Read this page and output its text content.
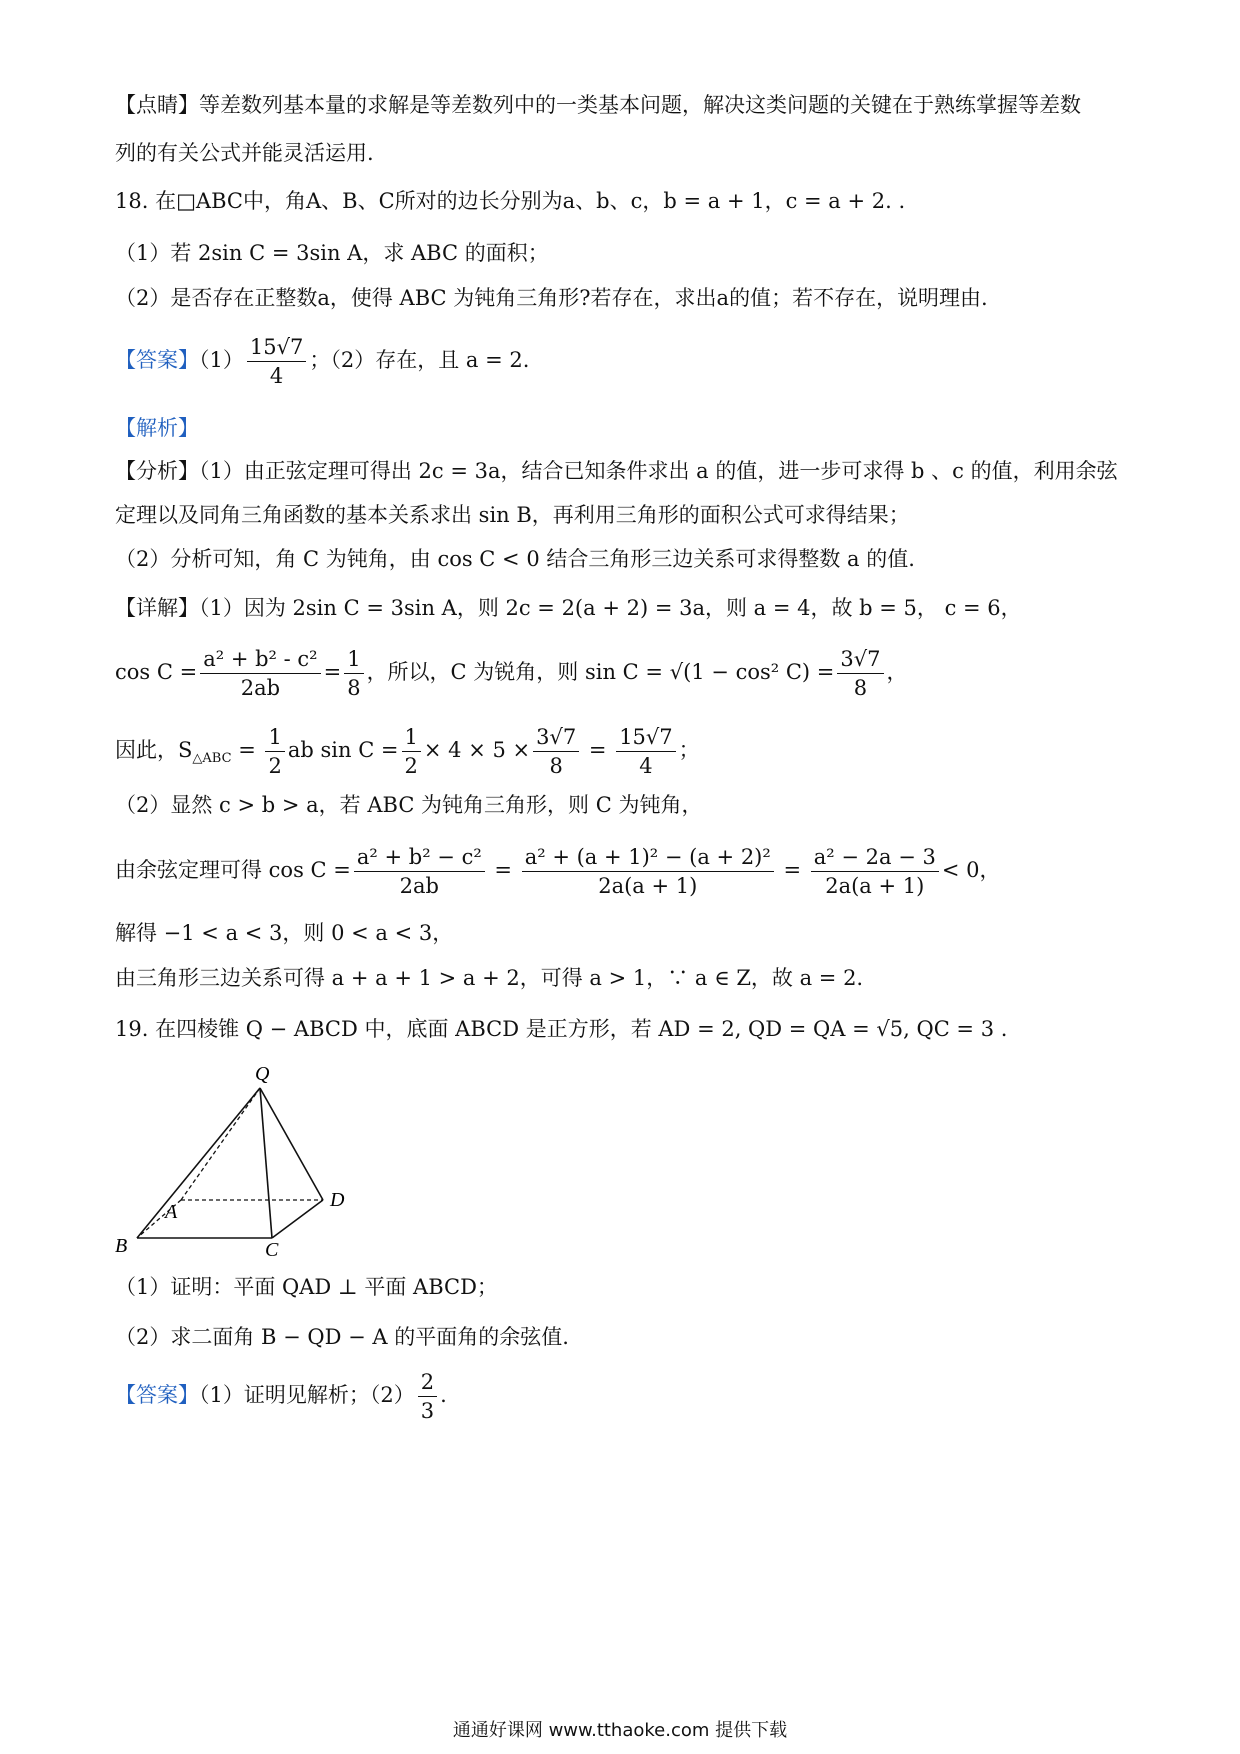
【点睛】等差数列基本量的求解是等差数列中的一类基本问题，解决这类问题的关键在于熟练掌握等差数
列的有关公式并能灵活运用.
18. 在□ABC中，角A、B、C所对的边长分别为a、b、c，b = a + 1，c = a + 2. .
（1）若 2sin C = 3sin A，求 ABC 的面积；
（2）是否存在正整数a，使得 ABC 为钝角三角形?若存在，求出a的值；若不存在，说明理由.
【答案】$(1) \frac{15√7}{4}$ ；（2）存在，且 a = 2.
【解析】
【分析】（1）由正弦定理可得出 2c = 3a，结合已知条件求出 a 的值，进一步可求得 b 、c 的值，利用余弦
定理以及同角三角函数的基本关系求出 sin B，再利用三角形的面积公式可求得结果；
（2）分析可知，角 C 为钝角，由 cos C < 0 结合三角形三边关系可求得整数 a 的值.
【详解】（1）因为 2sin C = 3sin A，则 2c = 2(a + 2) = 3a，则 a = 4，故 b = 5， c = 6，
$\cos C = \frac{\text{a² + b² - c²}}{2ab} = \frac{1}{8}$ ，所以，C 为锐角，则 sin C = √(1 − cos² $C) = \frac{3√7}{8}$ ，
因此，$S_{\triangle ABC} = \frac{1}{2}$ ab $\sin C = \frac{1}{2} \times 4 \times 5 \times \frac{3√7}{8} = \frac{15√7}{4}$ ；
（2）显然 c > b > a，若 ABC 为钝角三角形，则 C 为钝角，
由余弦定理可得 $\cos C = \frac{\text{a² + b² − c²}}{2ab} = \frac{\text{a² + (a + 1)² − (a + 2)²}}{2a(a + 1)} = \frac{\text{a² − 2a − 3}}{2a(a + 1)} < 0$，
解得 −1 < a < 3，则 0 < a < 3，
由三角形三边关系可得 a + a + 1 > a + 2，可得 a > 1，∵ a ∈ Z，故 a = 2.
19. 在四棱锥 Q − ABCD 中，底面 ABCD 是正方形，若 AD = 2, QD = QA = √5, QC = 3 .
Q
A
B	C
D
（1）证明：平面 QAD ⊥ 平面 ABCD；
（2）求二面角 B − QD − A 的平面角的余弦值.
【答案】（1）证明见解析；$(2) \frac{2}{3}$ .
通通好课网 www.tthaoke.com 提供下载
